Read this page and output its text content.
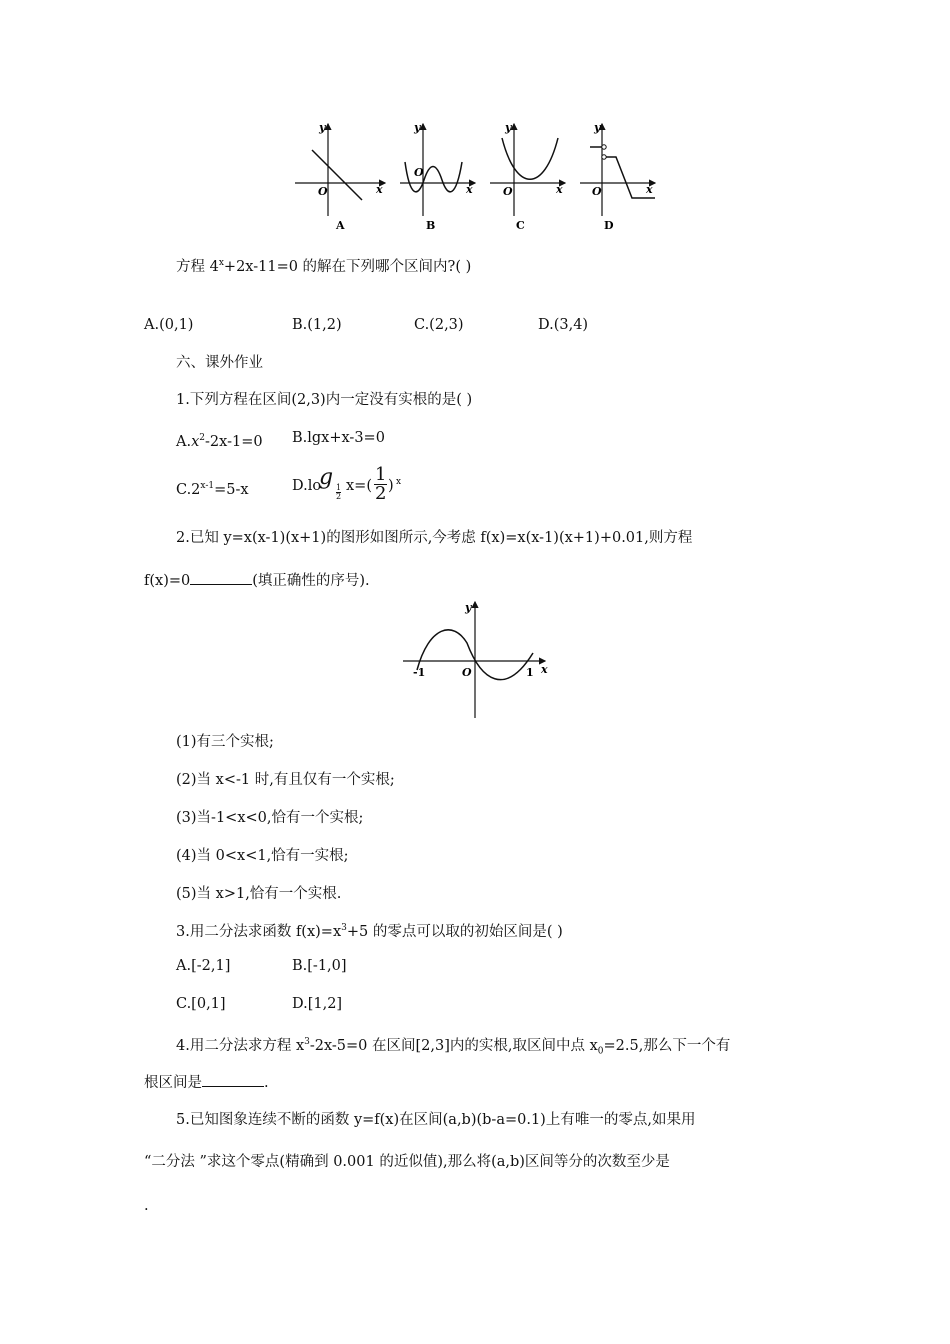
y
O	x
A
y
O
x
B
y
O	x
C
y
O	x
D
方程 $4^x+2x-11=0$ 的解在下列哪个区间内?( )
A.(0,1)	B.(1,2)	C.(2,3)	D.(3,4)
六、课外作业
1.下列方程在区间(2,3)内一定没有实根的是( )
$A.x^2-2x-1=0$ B.lgx+x-3=0
$C.2^{x-1}=5-x$	D.lo
g 1
2
x=(
1
2 ) x
2.已知 y=x(x-1)(x+1)的图形如图所示,今考虑 f(x)=x(x-1)(x+1)+0.01,则方程
f(x)=0	(填正确性的序号).
y
x
O
-1	1
(1)有三个实根;
(2)当 x<-1 时,有且仅有一个实根;
(3)当-1<x<0,恰有一个实根;
(4)当 0<x<1,恰有一实根;
(5)当 x>1,恰有一个实根.
3.用二分法求函数 $f(x)=x^3+5$ 的零点可以取的初始区间是( )
A.[-2,1]	B.[-1,0]
C.[0,1]	D.[1,2]
4.用二分法求方程 $x^3-2x-5=0$ 在区间[2,3]内的实根,取区间中点 $x_0=2.5$,那么下一个有
根区间是	.
5.已知图象连续不断的函数 y=f(x)在区间(a,b)(b-a=0.1)上有唯一的零点,如果用
“二分法 ”求这个零点(精确到 0.001 的近似值),那么将(a,b)区间等分的次数至少是
.
